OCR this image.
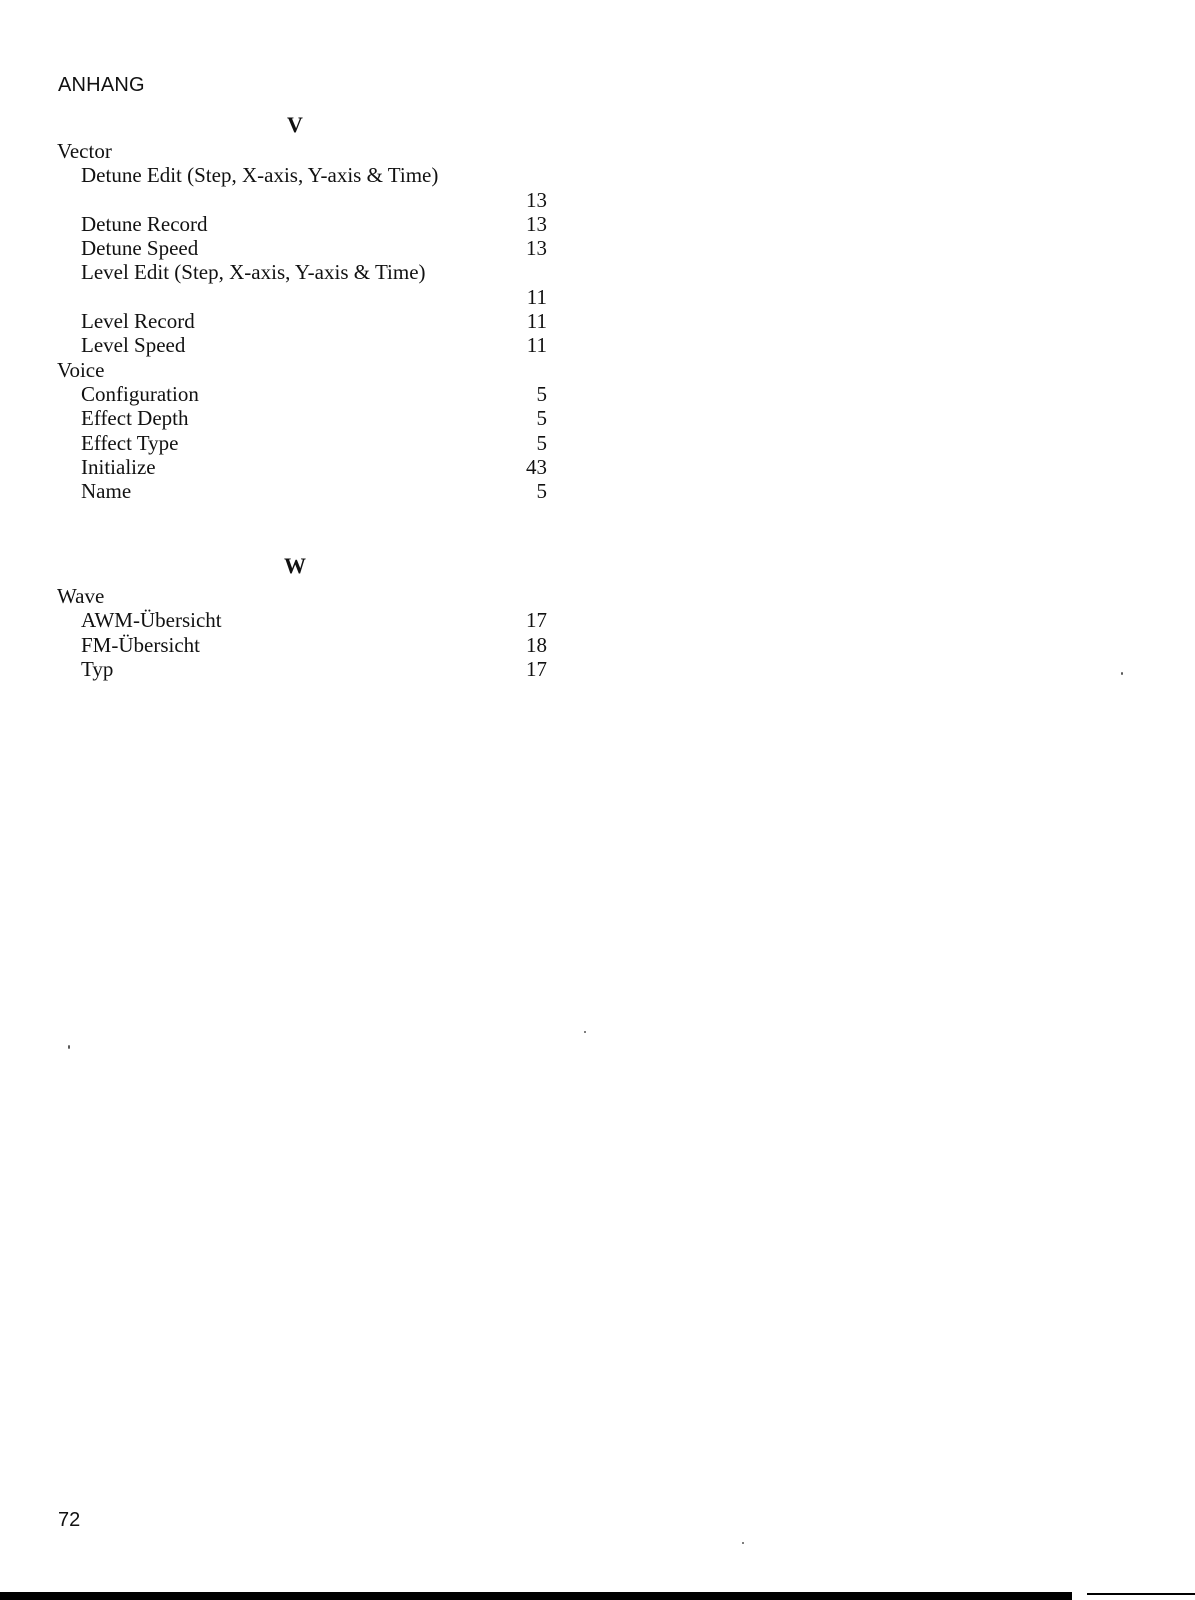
ANHANG
V
Vector
Detune Edit (Step, X-axis, Y-axis & Time)
13
Detune Record	13
Detune Speed	13
Level Edit (Step, X-axis, Y-axis & Time)
11
Level Record	11
Level Speed	11
Voice
Configuration	5
Effect Depth	5
Effect Type	5
Initialize	43
Name	5
W
Wave
AWM-Übersicht	17
FM-Übersicht	18
Typ	17
72
